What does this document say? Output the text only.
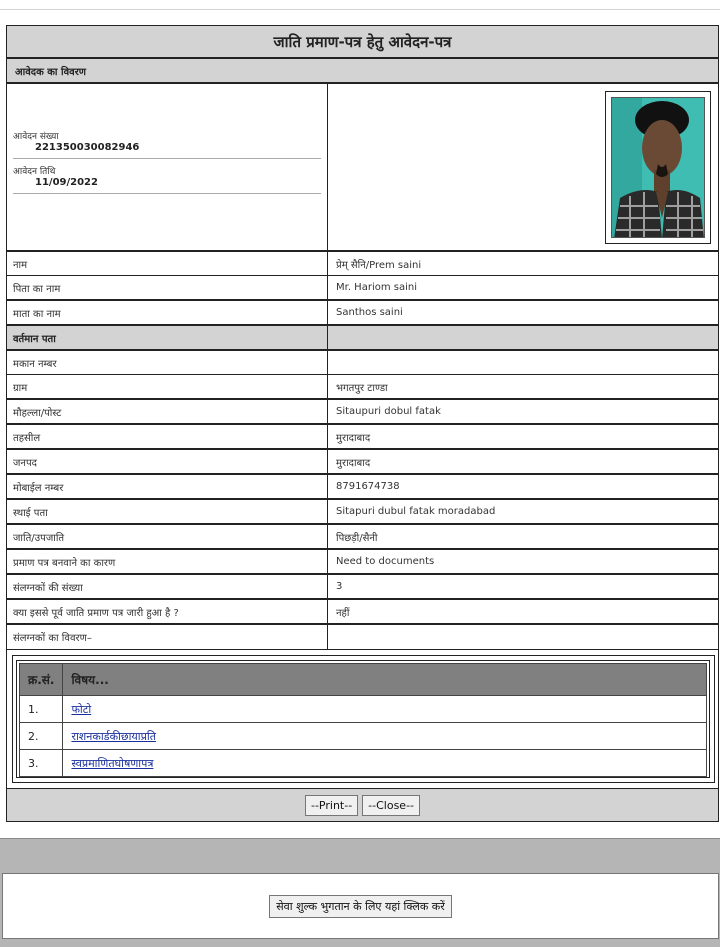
जाति प्रमाण-पत्र हेतु आवेदन-पत्र
आवेदक का विवरण
आवेदन संख्या
221350030082946
आवेदन तिथि
11/09/2022
नाम	प्रेम् सैनि/Prem saini
पिता का नाम	Mr. Hariom saini
माता का नाम	Santhos saini
वर्तमान पता
मकान नम्बर
ग्राम	भगतपुर टाण्डा
मौहल्ला/पोस्ट	Sitaupuri dobul fatak
तहसील	मुरादाबाद
जनपद	मुरादाबाद
मोबाईल नम्बर	8791674738
स्थाई पता	Sitapuri dubul fatak moradabad
जाति/उपजाति	पिछड़ी/सैनी
प्रमाण पत्र बनवाने का कारण	Need to documents
संलग्नकों की संख्या	3
क्या इससे पूर्व जाति प्रमाण पत्र जारी हुआ है ?	नहीं
संलग्नकों का विवरण–
क्र.सं.	विषय...
1.	फोटो
2.	राशनकार्डकीछायाप्रति
3.	स्वप्रमाणितघोषणापत्र
--Print--	--Close--
सेवा शुल्क भुगतान के लिए यहां क्लिक करें
